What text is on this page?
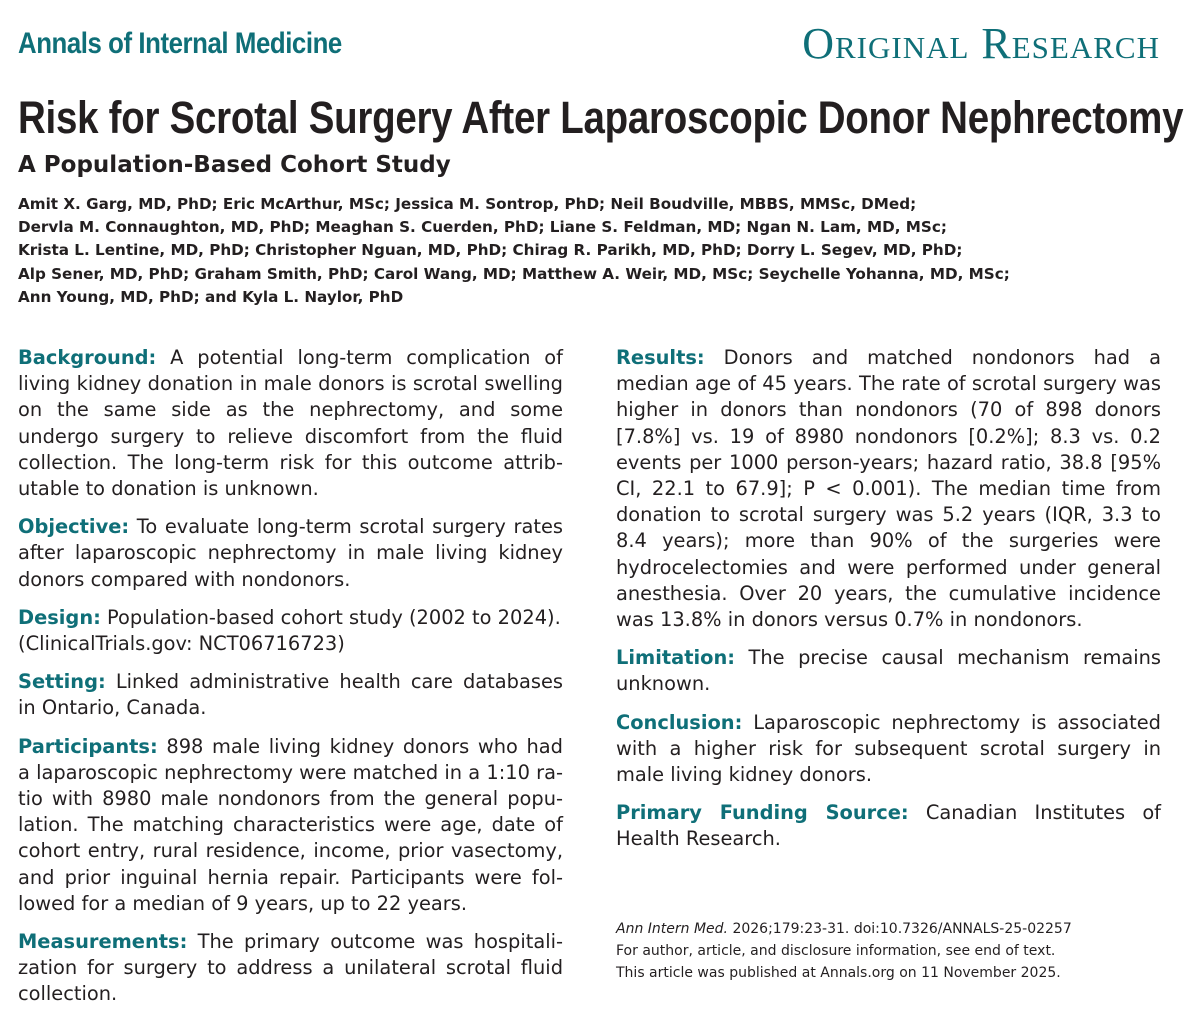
Annals of Internal Medicine	Original Research
Risk for Scrotal Surgery After Laparoscopic Donor Nephrectomy
A Population-Based Cohort Study
Amit X. Garg, MD, PhD; Eric McArthur, MSc; Jessica M. Sontrop, PhD; Neil Boudville, MBBS, MMSc, DMed;
Dervla M. Connaughton, MD, PhD; Meaghan S. Cuerden, PhD; Liane S. Feldman, MD; Ngan N. Lam, MD, MSc;
Krista L. Lentine, MD, PhD; Christopher Nguan, MD, PhD; Chirag R. Parikh, MD, PhD; Dorry L. Segev, MD, PhD;
Alp Sener, MD, PhD; Graham Smith, PhD; Carol Wang, MD; Matthew A. Weir, MD, MSc; Seychelle Yohanna, MD, MSc;
Ann Young, MD, PhD; and Kyla L. Naylor, PhD

Background: A potential long-term complication of living kidney donation in male donors is scrotal swelling on the same side as the nephrectomy, and some undergo surgery to relieve discomfort from the fluid collection. The long-term risk for this outcome attributable to donation is unknown.

Objective: To evaluate long-term scrotal surgery rates after laparoscopic nephrectomy in male living kidney donors compared with nondonors.

Design: Population-based cohort study (2002 to 2024). (ClinicalTrials.gov: NCT06716723)

Setting: Linked administrative health care databases in Ontario, Canada.

Participants: 898 male living kidney donors who had a laparoscopic nephrectomy were matched in a 1:10 ratio with 8980 male nondonors from the general population. The matching characteristics were age, date of cohort entry, rural residence, income, prior vasectomy, and prior inguinal hernia repair. Participants were followed for a median of 9 years, up to 22 years.

Measurements: The primary outcome was hospitalization for surgery to address a unilateral scrotal fluid collection.

Results: Donors and matched nondonors had a median age of 45 years. The rate of scrotal surgery was higher in donors than nondonors (70 of 898 donors [7.8%] vs. 19 of 8980 nondonors [0.2%]; 8.3 vs. 0.2 events per 1000 person-years; hazard ratio, 38.8 [95% CI, 22.1 to 67.9]; P < 0.001). The median time from donation to scrotal surgery was 5.2 years (IQR, 3.3 to 8.4 years); more than 90% of the surgeries were hydrocelectomies and were performed under general anesthesia. Over 20 years, the cumulative incidence was 13.8% in donors versus 0.7% in nondonors.

Limitation: The precise causal mechanism remains unknown.

Conclusion: Laparoscopic nephrectomy is associated with a higher risk for subsequent scrotal surgery in male living kidney donors.

Primary Funding Source: Canadian Institutes of Health Research.

Ann Intern Med. 2026;179:23-31. doi:10.7326/ANNALS-25-02257
For author, article, and disclosure information, see end of text.
This article was published at Annals.org on 11 November 2025.
